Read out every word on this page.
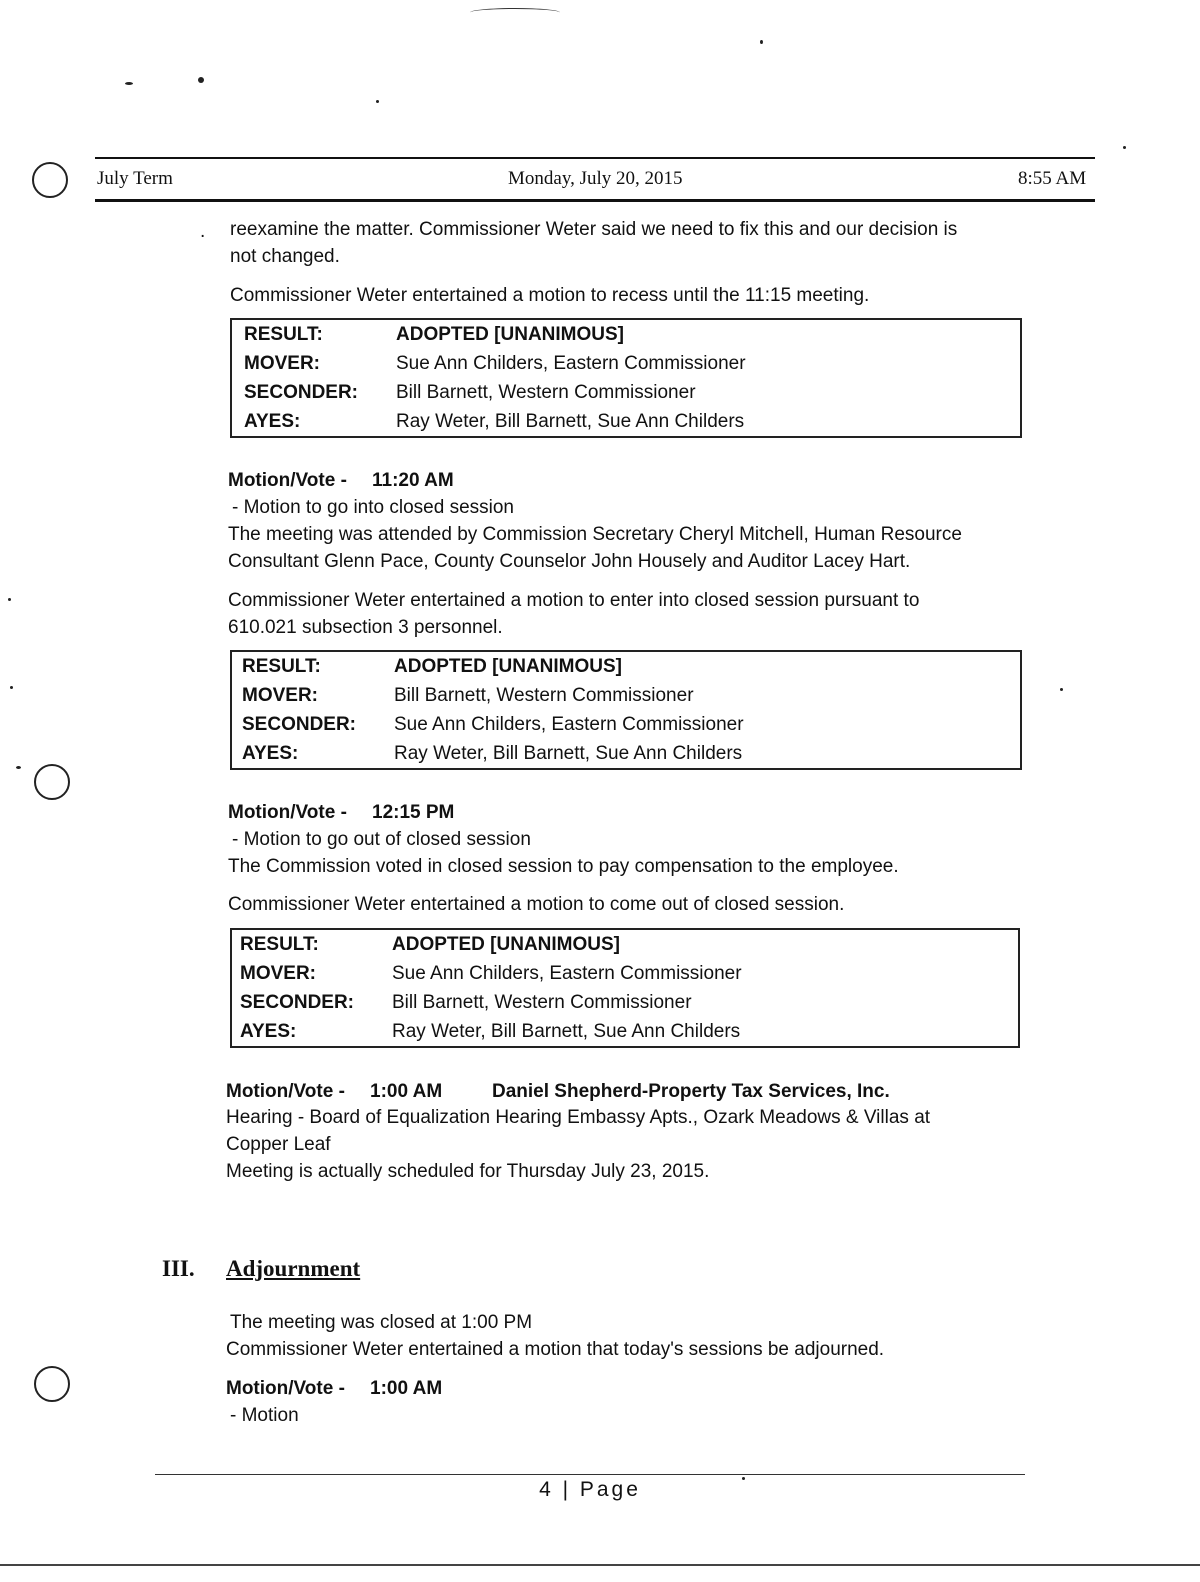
July Term	Monday, July 20, 2015	8:55 AM
. reexamine the matter. Commissioner Weter said we need to fix this and our decision is
not changed.
Commissioner Weter entertained a motion to recess until the 11:15 meeting.
RESULT:	ADOPTED [UNANIMOUS]
MOVER:	Sue Ann Childers, Eastern Commissioner
SECONDER: Bill Barnett, Western Commissioner
AYES:	Ray Weter, Bill Barnett, Sue Ann Childers
Motion/Vote - 11:20 AM
- Motion to go into closed session
The meeting was attended by Commission Secretary Cheryl Mitchell, Human Resource
Consultant Glenn Pace, County Counselor John Housely and Auditor Lacey Hart.
Commissioner Weter entertained a motion to enter into closed session pursuant to
610.021 subsection 3 personnel.
RESULT:	ADOPTED [UNANIMOUS]
MOVER:	Bill Barnett, Western Commissioner
SECONDER: Sue Ann Childers, Eastern Commissioner
AYES:	Ray Weter, Bill Barnett, Sue Ann Childers
Motion/Vote - 12:15 PM
- Motion to go out of closed session
The Commission voted in closed session to pay compensation to the employee.
Commissioner Weter entertained a motion to come out of closed session.
RESULT:	ADOPTED [UNANIMOUS]
MOVER:	Sue Ann Childers, Eastern Commissioner
SECONDER: Bill Barnett, Western Commissioner
AYES:	Ray Weter, Bill Barnett, Sue Ann Childers
Motion/Vote - 1:00 AM	Daniel Shepherd-Property Tax Services, Inc.
Hearing - Board of Equalization Hearing Embassy Apts., Ozark Meadows & Villas at
Copper Leaf
Meeting is actually scheduled for Thursday July 23, 2015.
III. Adjournment
The meeting was closed at 1:00 PM
Commissioner Weter entertained a motion that today's sessions be adjourned.
Motion/Vote - 1:00 AM
- Motion
4 | Page
